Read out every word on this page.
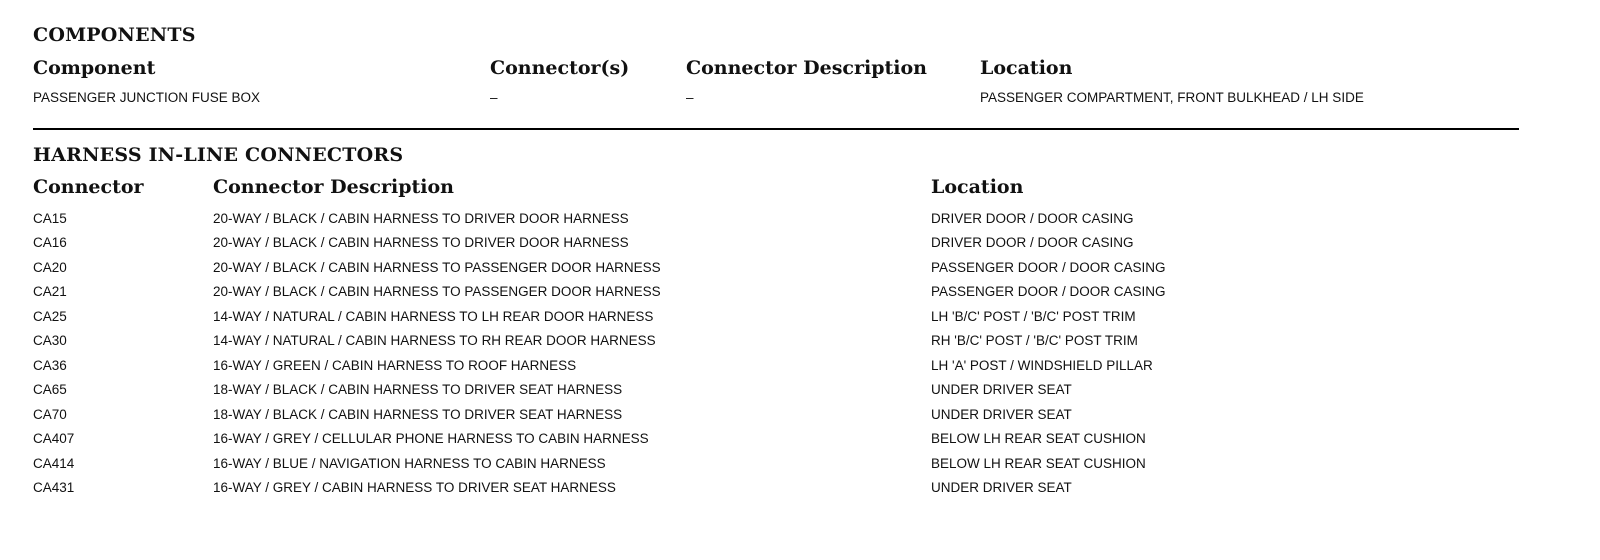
COMPONENTS
Component	Connector(s)	Connector Description	Location
PASSENGER JUNCTION FUSE BOX	–	–	PASSENGER COMPARTMENT, FRONT BULKHEAD / LH SIDE
HARNESS IN-LINE CONNECTORS
Connector	Connector Description	Location
CA15	20-WAY / BLACK / CABIN HARNESS TO DRIVER DOOR HARNESS	DRIVER DOOR / DOOR CASING
CA16	20-WAY / BLACK / CABIN HARNESS TO DRIVER DOOR HARNESS	DRIVER DOOR / DOOR CASING
CA20	20-WAY / BLACK / CABIN HARNESS TO PASSENGER DOOR HARNESS	PASSENGER DOOR / DOOR CASING
CA21	20-WAY / BLACK / CABIN HARNESS TO PASSENGER DOOR HARNESS	PASSENGER DOOR / DOOR CASING
CA25	14-WAY / NATURAL / CABIN HARNESS TO LH REAR DOOR HARNESS	LH 'B/C' POST / 'B/C' POST TRIM
CA30	14-WAY / NATURAL / CABIN HARNESS TO RH REAR DOOR HARNESS	RH 'B/C' POST / 'B/C' POST TRIM
CA36	16-WAY / GREEN / CABIN HARNESS TO ROOF HARNESS	LH 'A' POST / WINDSHIELD PILLAR
CA65	18-WAY / BLACK / CABIN HARNESS TO DRIVER SEAT HARNESS	UNDER DRIVER SEAT
CA70	18-WAY / BLACK / CABIN HARNESS TO DRIVER SEAT HARNESS	UNDER DRIVER SEAT
CA407	16-WAY / GREY / CELLULAR PHONE HARNESS TO CABIN HARNESS	BELOW LH REAR SEAT CUSHION
CA414	16-WAY / BLUE / NAVIGATION HARNESS TO CABIN HARNESS	BELOW LH REAR SEAT CUSHION
CA431	16-WAY / GREY / CABIN HARNESS TO DRIVER SEAT HARNESS	UNDER DRIVER SEAT
